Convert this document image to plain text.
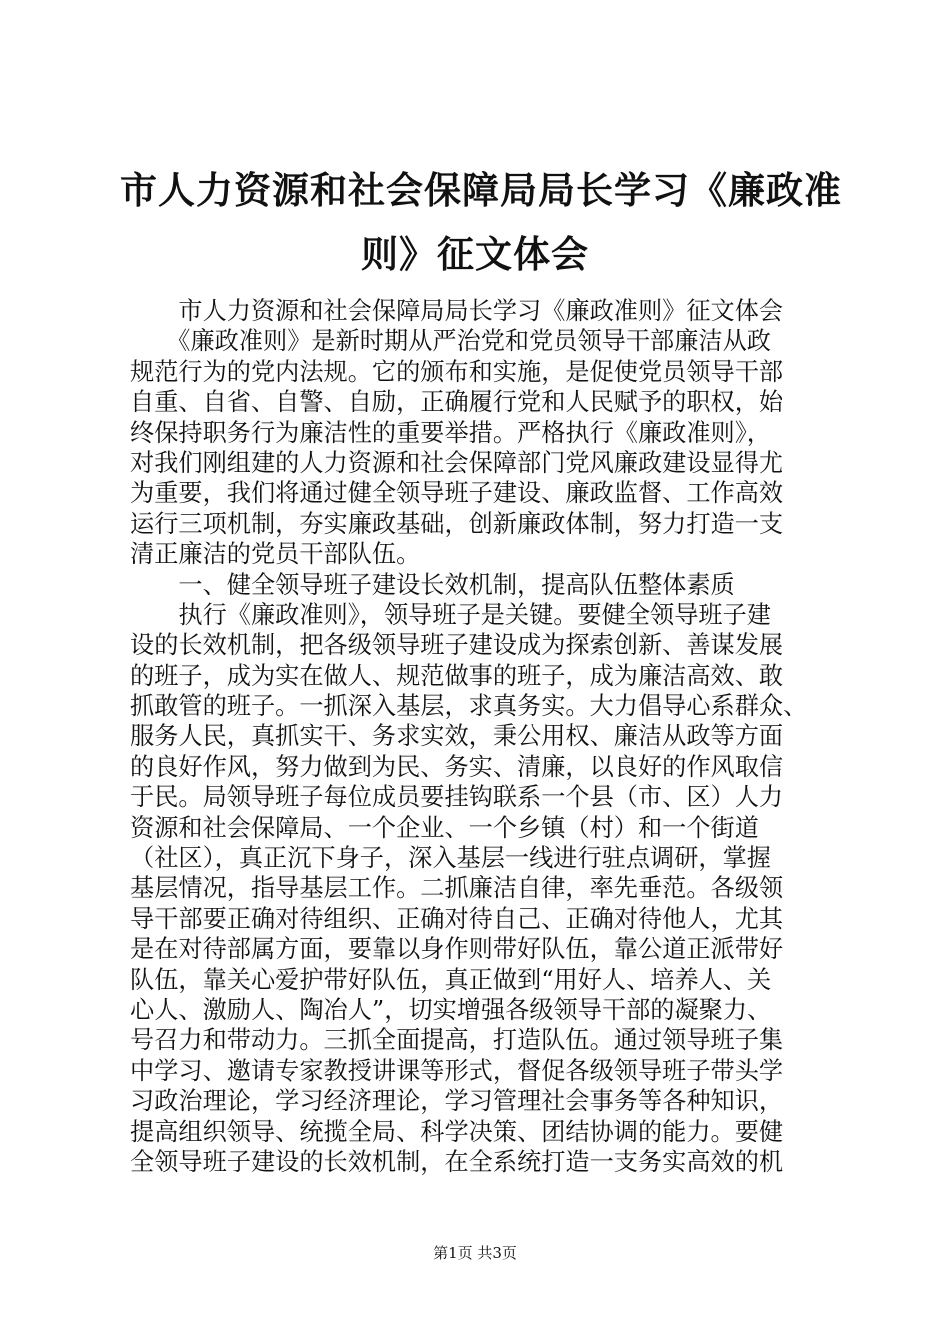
市人力资源和社会保障局局长学习《廉政准
则》征文体会
　　市人力资源和社会保障局局长学习《廉政准则》征文体会
　　《廉政准则》是新时期从严治党和党员领导干部廉洁从政
规范行为的党内法规。它的颁布和实施，是促使党员领导干部
自重、自省、自警、自励，正确履行党和人民赋予的职权，始
终保持职务行为廉洁性的重要举措。严格执行《廉政准则》，
对我们刚组建的人力资源和社会保障部门党风廉政建设显得尤
为重要，我们将通过健全领导班子建设、廉政监督、工作高效
运行三项机制，夯实廉政基础，创新廉政体制，努力打造一支
清正廉洁的党员干部队伍。
　　一、健全领导班子建设长效机制，提高队伍整体素质
　　执行《廉政准则》，领导班子是关键。要健全领导班子建
设的长效机制，把各级领导班子建设成为探索创新、善谋发展
的班子，成为实在做人、规范做事的班子，成为廉洁高效、敢
抓敢管的班子。一抓深入基层，求真务实。大力倡导心系群众、
服务人民，真抓实干、务求实效，秉公用权、廉洁从政等方面
的良好作风，努力做到为民、务实、清廉，以良好的作风取信
于民。局领导班子每位成员要挂钩联系一个县（市、区）人力
资源和社会保障局、一个企业、一个乡镇（村）和一个街道
（社区），真正沉下身子，深入基层一线进行驻点调研，掌握
基层情况，指导基层工作。二抓廉洁自律，率先垂范。各级领
导干部要正确对待组织、正确对待自己、正确对待他人，尤其
是在对待部属方面，要靠以身作则带好队伍，靠公道正派带好
队伍，靠关心爱护带好队伍，真正做到“用好人、培养人、关
心人、激励人、陶冶人”，切实增强各级领导干部的凝聚力、
号召力和带动力。三抓全面提高，打造队伍。通过领导班子集
中学习、邀请专家教授讲课等形式，督促各级领导班子带头学
习政治理论，学习经济理论，学习管理社会事务等各种知识，
提高组织领导、统揽全局、科学决策、团结协调的能力。要健
全领导班子建设的长效机制，在全系统打造一支务实高效的机
第1页 共3页
